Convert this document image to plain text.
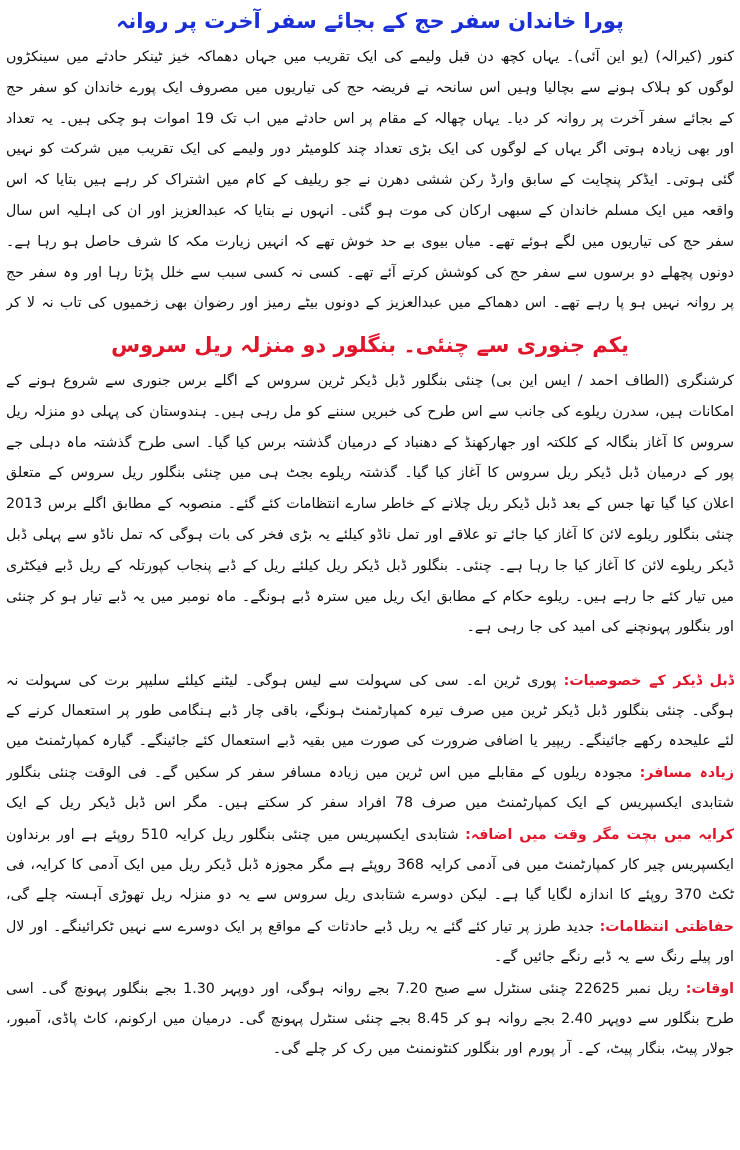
پورا خاندان سفر حج کے بجائے سفر آخرت پر روانہ

کنور (کیرالہ) (یو این آئی)۔ یہاں کچھ دن قبل ولیمے کی ایک تقریب میں جہاں دھماکہ خیز ٹینکر حادثے میں سینکڑوں لوگوں کو ہلاک ہونے سے بچالیا وہیں اس سانحہ نے فریضہ حج کی تیاریوں میں مصروف ایک پورے خاندان کو سفر حج کے بجائے سفر آخرت پر روانہ کر دیا۔ یہاں چھالہ کے مقام پر اس حادثے میں اب تک 19 اموات ہو چکی ہیں۔ یہ تعداد اور بھی زیادہ ہوتی اگر یہاں کے لوگوں کی ایک بڑی تعداد چند کلومیٹر دور ولیمے کی ایک تقریب میں شرکت کو نہیں گئی ہوتی۔ ایڈکر پنچایت کے سابق وارڈ رکن ششی دھرن نے جو ریلیف کے کام میں اشتراک کر رہے ہیں بتایا کہ اس واقعہ میں ایک مسلم خاندان کے سبھی ارکان کی موت ہو گئی۔ انہوں نے بتایا کہ عبدالعزیز اور ان کی اہلیہ اس سال سفر حج کی تیاریوں میں لگے ہوئے تھے۔ میاں بیوی بے حد خوش تھے کہ انہیں زیارت مکہ کا شرف حاصل ہو رہا ہے۔ دونوں پچھلے دو برسوں سے سفر حج کی کوشش کرتے آئے تھے۔ کسی نہ کسی سبب سے خلل پڑتا رہا اور وہ سفر حج پر روانہ نہیں ہو پا رہے تھے۔ اس دھماکے میں عبدالعزیز کے دونوں بیٹے رمیز اور رضوان بھی زخمیوں کی تاب نہ لا کر

یکم جنوری سے چنئی۔ بنگلور دو منزلہ ریل سروس

کرشنگری (الطاف احمد / ایس این بی) چنئی بنگلور ڈبل ڈیکر ٹرین سروس کے اگلے برس جنوری سے شروع ہونے کے امکانات ہیں، سدرن ریلوے کی جانب سے اس طرح کی خبریں سننے کو مل رہی ہیں۔ ہندوستان کی پہلی دو منزلہ ریل سروس کا آغاز بنگالہ کے کلکتہ اور جھارکھنڈ کے دھنباد کے درمیان گذشتہ برس کیا گیا۔ اسی طرح گذشتہ ماہ دہلی جے پور کے درمیان ڈبل ڈیکر ریل سروس کا آغاز کیا گیا۔ گذشتہ ریلوے بجٹ ہی میں چنئی بنگلور ریل سروس کے متعلق اعلان کیا گیا تھا جس کے بعد ڈبل ڈیکر ریل چلانے کے خاطر سارے انتظامات کئے گئے۔ منصوبہ کے مطابق اگلے برس 2013 چنئی بنگلور ریلوے لائن کا آغاز کیا جائے تو علاقے اور تمل ناڈو کیلئے یہ بڑی فخر کی بات ہوگی کہ تمل ناڈو سے پہلی ڈبل ڈیکر ریلوے لائن کا آغاز کیا جا رہا ہے۔ چنئی۔ بنگلور ڈبل ڈیکر ریل کیلئے ریل کے ڈبے پنجاب کپورتلہ کے ریل ڈبے فیکٹری میں تیار کئے جا رہے ہیں۔ ریلوے حکام کے مطابق ایک ریل میں سترہ ڈبے ہونگے۔ ماہ نومبر میں یہ ڈبے تیار ہو کر چنئی اور بنگلور پہونچنے کی امید کی جا رہی ہے۔

ڈبل ڈیکر کے خصوصیات: پوری ٹرین اے۔ سی کی سہولت سے لیس ہوگی۔ لیٹنے کیلئے سلیپر برت کی سہولت نہ ہوگی۔ چنئی بنگلور ڈبل ڈیکر ٹرین میں صرف تیرہ کمپارٹمنٹ ہونگے، باقی چار ڈبے ہنگامی طور پر استعمال کرنے کے لئے علیحدہ رکھے جائینگے۔ ریپیر یا اضافی ضرورت کی صورت میں بقیہ ڈبے استعمال کئے جائینگے۔ گیارہ کمپارٹمنٹ میں

زیادہ مسافر: مجودہ ریلوں کے مقابلے میں اس ٹرین میں زیادہ مسافر سفر کر سکیں گے۔ فی الوقت چنئی بنگلور شتابدی ایکسپریس کے ایک کمپارٹمنٹ میں صرف 78 افراد سفر کر سکتے ہیں۔ مگر اس ڈبل ڈیکر ریل کے ایک

کرایہ میں بچت مگر وقت میں اضافہ: شتابدی ایکسپریس میں چنئی بنگلور ریل کرایہ 510 روپئے ہے اور برنداون ایکسپریس چیر کار کمپارٹمنٹ میں فی آدمی کرایہ 368 روپئے ہے مگر مجوزہ ڈبل ڈیکر ریل میں ایک آدمی کا کرایہ، فی ٹکٹ 370 روپئے کا اندازہ لگایا گیا ہے۔ لیکن دوسرے شتابدی ریل سروس سے یہ دو منزلہ ریل تھوڑی آہستہ چلے گی،

حفاظتی انتظامات: جدید طرز پر تیار کئے گئے یہ ریل ڈبے حادثات کے مواقع پر ایک دوسرے سے نہیں ٹکرائینگے۔ اور لال اور پیلے رنگ سے یہ ڈبے رنگے جائیں گے۔

اوقات: ریل نمبر 22625 چنئی سنٹرل سے صبح 7.20 بجے روانہ ہوگی، اور دوپہر 1.30 بجے بنگلور پہونچ گی۔ اسی طرح بنگلور سے دوپہر 2.40 بجے روانہ ہو کر 8.45 بجے چنئی سنٹرل پہونچ گی۔ درمیان میں ارکونم، کاٹ پاڈی، آمبور، جولار پیٹ، بنگار پیٹ، کے۔ آر پورم اور بنگلور کنٹونمنٹ میں رک کر چلے گی۔
